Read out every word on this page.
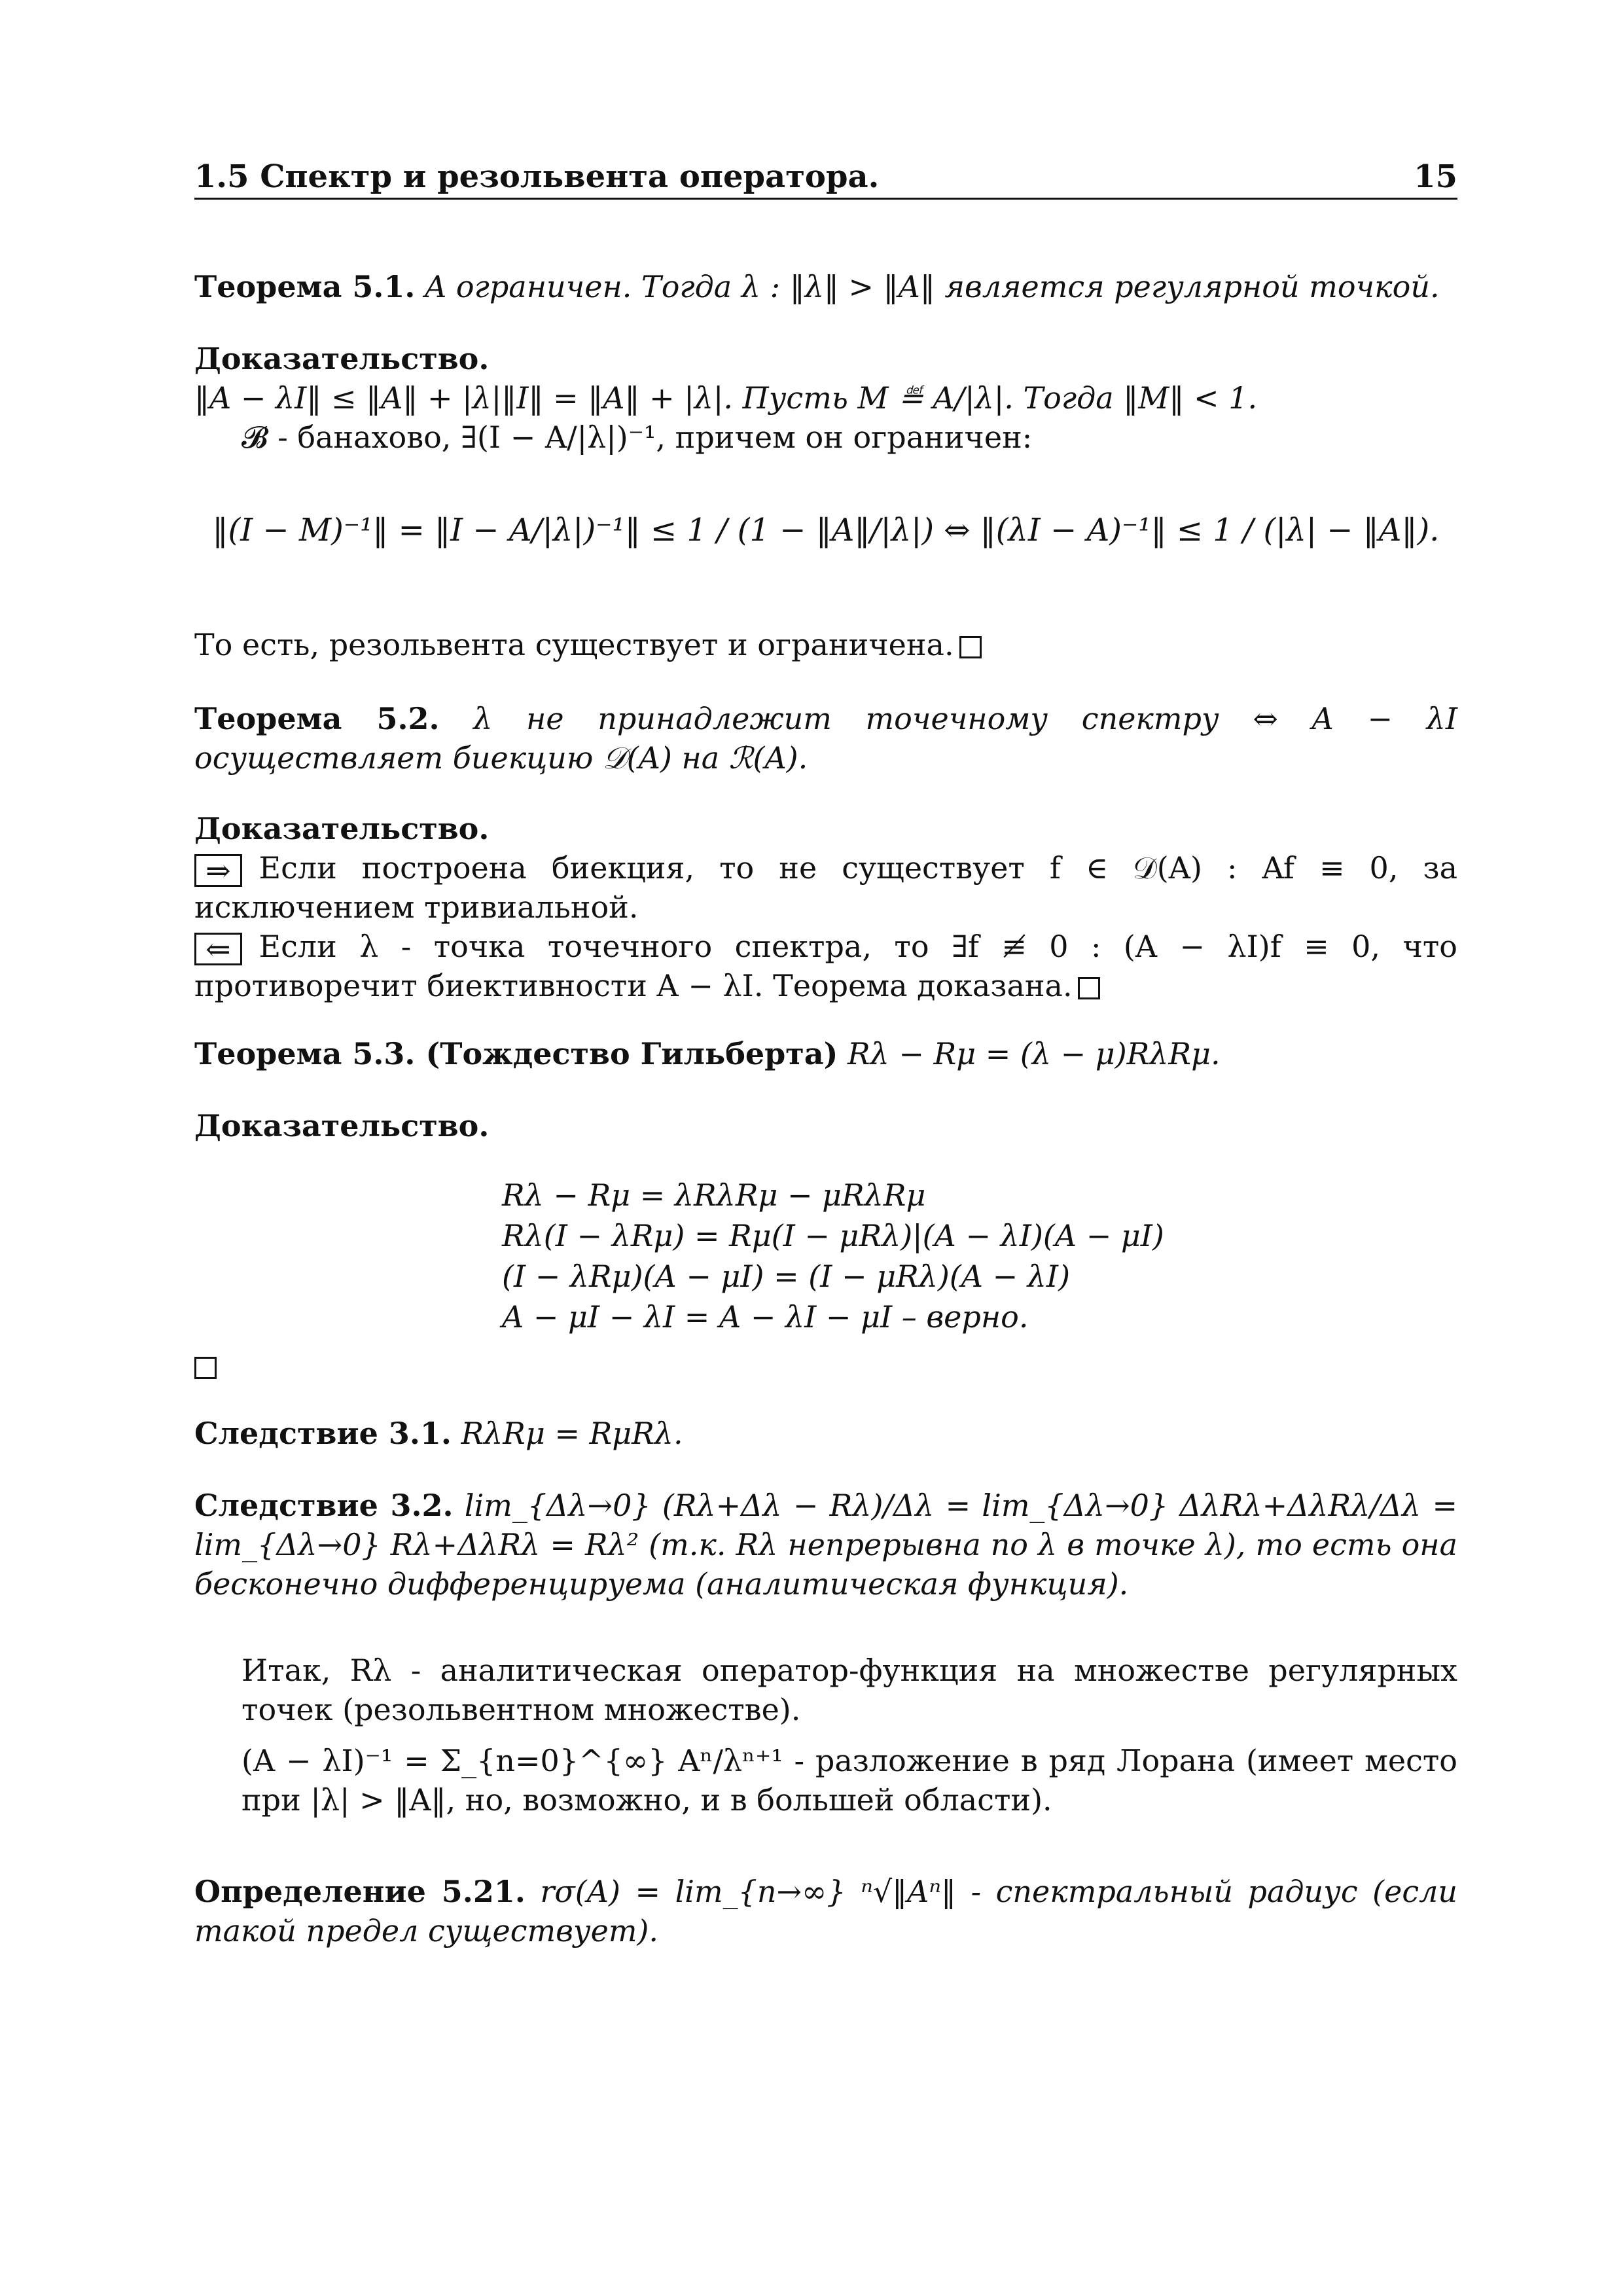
1.5 Спектр и резольвента оператора.	15
Теорема 5.1. A ограничен. Тогда λ : ‖λ‖ > ‖A‖ является регулярной точкой.
Доказательство.
‖A − λI‖ ≤ ‖A‖ + |λ|‖I‖ = ‖A‖ + |λ|. Пусть M ≝ A/|λ|. Тогда ‖M‖ < 1.
𝓑 - банахово, ∃(I − A/|λ|)⁻¹, причем он ограничен:
‖(I − M)⁻¹‖ = ‖I − A/|λ|)⁻¹‖ ≤ 1 / (1 − ‖A‖/|λ|) ⇔ ‖(λI − A)⁻¹‖ ≤ 1 / (|λ| − ‖A‖).
То есть, резольвента существует и ограничена.
Теорема 5.2. λ не принадлежит точечному спектру ⇔ A − λI осуществляет биекцию 𝒟(A) на ℛ(A).
Доказательство.
⇒ Если построена биекция, то не существует f ∈ 𝒟(A) : Af ≡ 0, за исключением тривиальной.
⇐ Если λ - точка точечного спектра, то ∃f ≢ 0 : (A − λI)f ≡ 0, что противоречит биективности A − λI. Теорема доказана.
Теорема 5.3. (Тождество Гильберта) Rλ − Rμ = (λ − μ)RλRμ.
Доказательство.
Rλ − Rμ = λRλRμ − μRλRμ
Rλ(I − λRμ) = Rμ(I − μRλ)|(A − λI)(A − μI)
(I − λRμ)(A − μI) = (I − μRλ)(A − λI)
A − μI − λI = A − λI − μI – верно.
Следствие 3.1. RλRμ = RμRλ.
Следствие 3.2. lim_{Δλ→0} (Rλ+Δλ − Rλ)/Δλ = lim_{Δλ→0} ΔλRλ+ΔλRλ/Δλ = lim_{Δλ→0} Rλ+ΔλRλ = Rλ² (т.к. Rλ непрерывна по λ в точке λ), то есть она бесконечно дифференцируема (аналитическая функция).
Итак, Rλ - аналитическая оператор-функция на множестве регулярных точек (резольвентном множестве).
(A − λI)⁻¹ = Σ_{n=0}^{∞} Aⁿ/λⁿ⁺¹ - разложение в ряд Лорана (имеет место при |λ| > ‖A‖, но, возможно, и в большей области).
Определение 5.21. rσ(A) = lim_{n→∞} ⁿ√‖Aⁿ‖ - спектральный радиус (если такой предел существует).
